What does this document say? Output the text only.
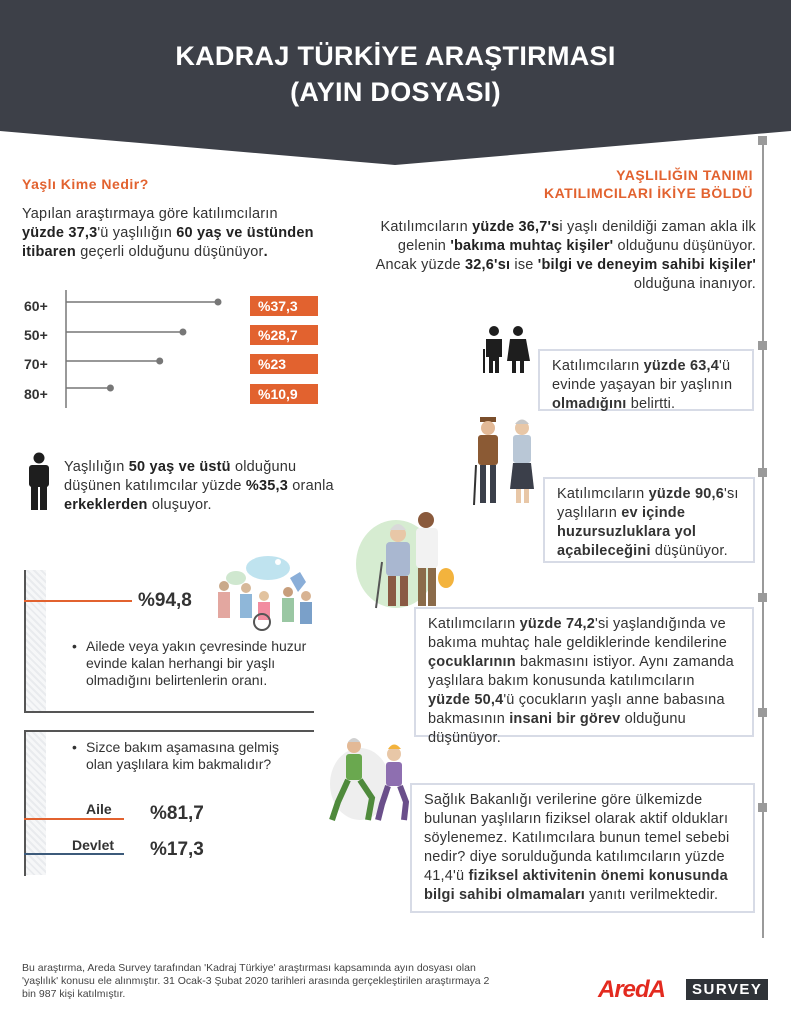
KADRAJ TÜRKİYE ARAŞTIRMASI
(AYIN DOSYASI)
Yaşlı Kime Nedir?
Yapılan araştırmaya göre katılımcıların yüzde 37,3'ü yaşlılığın 60 yaş ve üstünden itibaren geçerli olduğunu düşünüyor.
60+	%37,3
50+	%28,7
70+	%23
80+	%10,9
Yaşlılığın 50 yaş ve üstü olduğunu düşünen katılımcılar yüzde %35,3 oranla erkeklerden oluşuyor.
%94,8
• Ailede veya yakın çevresinde huzur evinde kalan herhangi bir yaşlı olmadığını belirtenlerin oranı.
• Sizce bakım aşamasına gelmiş olan yaşlılara kim bakmalıdır?
Aile %81,7
Devlet %17,3
YAŞLILIĞIN TANIMI
KATILIMCILARI İKİYE BÖLDÜ
Katılımcıların yüzde 36,7'si yaşlı denildiği zaman akla ilk gelenin 'bakıma muhtaç kişiler' olduğunu düşünüyor. Ancak yüzde 32,6'sı ise 'bilgi ve deneyim sahibi kişiler' olduğuna inanıyor.
Katılımcıların yüzde 63,4'ü evinde yaşayan bir yaşlının olmadığını belirtti.
Katılımcıların yüzde 90,6'sı yaşlıların ev içinde huzursuzluklara yol açabileceğini düşünüyor.
Katılımcıların yüzde 74,2'si yaşlandığında ve bakıma muhtaç hale geldiklerinde kendilerine çocuklarının bakmasını istiyor. Aynı zamanda yaşlılara bakım konusunda katılımcıların yüzde 50,4'ü çocukların yaşlı anne babasına bakmasının insani bir görev olduğunu düşünüyor.
Sağlık Bakanlığı verilerine göre ülkemizde bulunan yaşlıların fiziksel olarak aktif oldukları söylenemez. Katılımcılara bunun temel sebebi nedir? diye sorulduğunda katılımcıların yüzde 41,4'ü fiziksel aktivitenin önemi konusunda bilgi sahibi olmamaları yanıtı verilmektedir.
Bu araştırma, Areda Survey tarafından 'Kadraj Türkiye' araştırması kapsamında ayın dosyası olan 'yaşlılık' konusu ele alınmıştır. 31 Ocak-3 Şubat 2020 tarihleri arasında gerçekleştirilen araştırmaya 2 bin 987 kişi katılmıştır.	AredA	SURVEY
